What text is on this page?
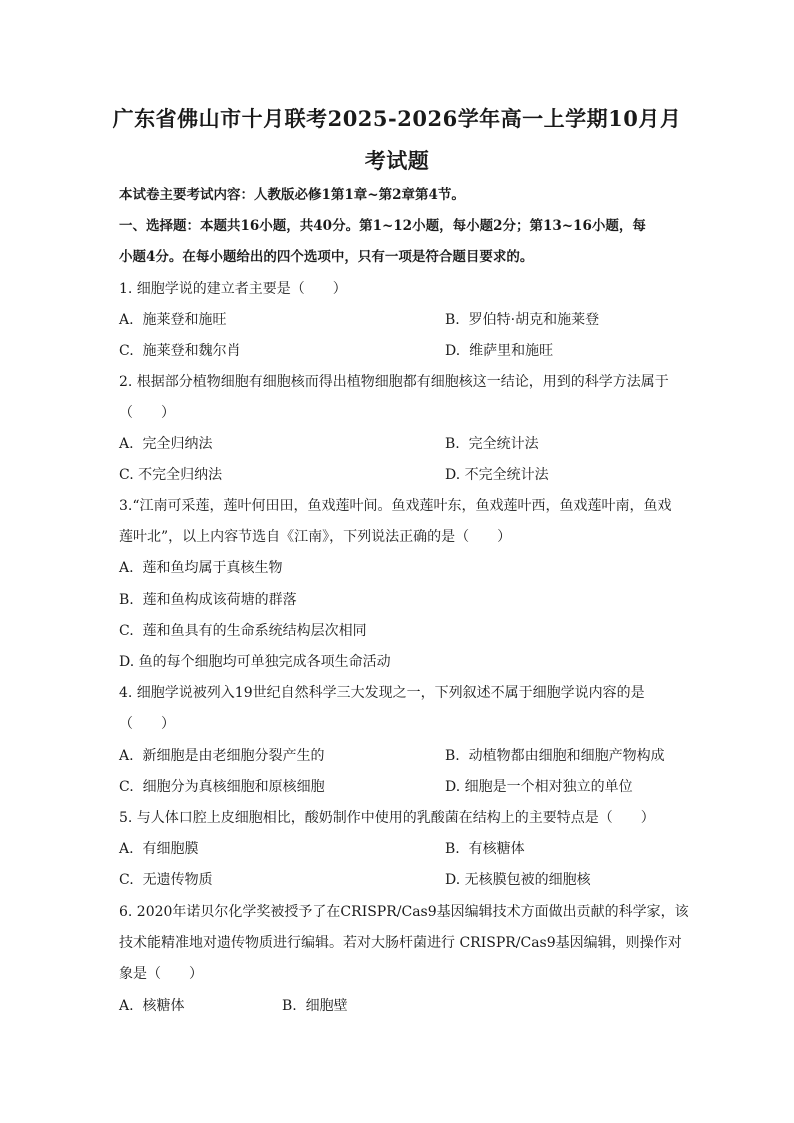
广东省佛山市十月联考2025-2026学年高一上学期10月月
考试题
本试卷主要考试内容：人教版必修1第1章~第2章第4节。
一、选择题：本题共16小题，共40分。第1~12小题，每小题2分；第13~16小题，每
小题4分。在每小题给出的四个选项中，只有一项是符合题目要求的。
1. 细胞学说的建立者主要是（　　）
A. 施莱登和施旺	B. 罗伯特·胡克和施莱登
C. 施莱登和魏尔肖	D. 维萨里和施旺
2. 根据部分植物细胞有细胞核而得出植物细胞都有细胞核这一结论，用到的科学方法属于
（　　）
A. 完全归纳法	B. 完全统计法
C. 不完全归纳法	D. 不完全统计法
3.“江南可采莲，莲叶何田田，鱼戏莲叶间。鱼戏莲叶东，鱼戏莲叶西，鱼戏莲叶南，鱼戏
莲叶北”，以上内容节选自《江南》，下列说法正确的是（　　）
A. 莲和鱼均属于真核生物
B. 莲和鱼构成该荷塘的群落
C. 莲和鱼具有的生命系统结构层次相同
D. 鱼的每个细胞均可单独完成各项生命活动
4. 细胞学说被列入19世纪自然科学三大发现之一，下列叙述不属于细胞学说内容的是
（　　）
A. 新细胞是由老细胞分裂产生的	B. 动植物都由细胞和细胞产物构成
C. 细胞分为真核细胞和原核细胞	D. 细胞是一个相对独立的单位
5. 与人体口腔上皮细胞相比，酸奶制作中使用的乳酸菌在结构上的主要特点是（　　）
A. 有细胞膜	B. 有核糖体
C. 无遗传物质	D. 无核膜包被的细胞核
6. 2020年诺贝尔化学奖被授予了在CRISPR/Cas9基因编辑技术方面做出贡献的科学家，该
技术能精准地对遗传物质进行编辑。若对大肠杆菌进行 CRISPR/Cas9基因编辑，则操作对
象是（　　）
A. 核糖体	B. 细胞壁
